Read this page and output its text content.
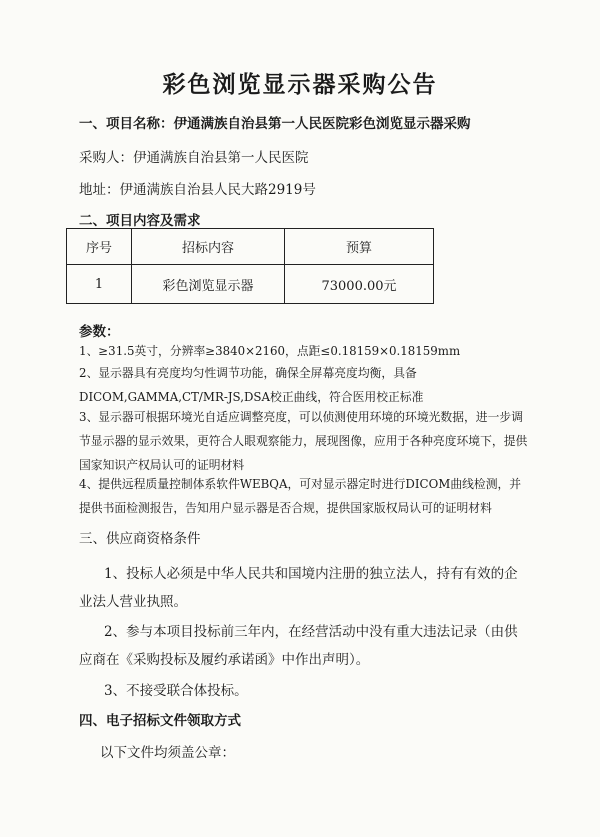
彩色浏览显示器采购公告
一、项目名称：伊通满族自治县第一人民医院彩色浏览显示器采购
采购人：伊通满族自治县第一人民医院
地址：伊通满族自治县人民大路2919号
二、项目内容及需求
序号	招标内容	预算
1	彩色浏览显示器	73000.00元
参数：
1、≥31.5英寸，分辨率≥3840×2160，点距≤0.18159×0.18159mm
2、显示器具有亮度均匀性调节功能，确保全屏幕亮度均衡，具备DICOM,GAMMA,CT/MR-JS,DSA校正曲线，符合医用校正标准
3、显示器可根据环境光自适应调整亮度，可以侦测使用环境的环境光数据，进一步调节显示器的显示效果，更符合人眼观察能力，展现图像，应用于各种亮度环境下，提供国家知识产权局认可的证明材料
4、提供远程质量控制体系软件WEBQA，可对显示器定时进行DICOM曲线检测，并提供书面检测报告，告知用户显示器是否合规，提供国家版权局认可的证明材料
三、供应商资格条件
1、投标人必须是中华人民共和国境内注册的独立法人，持有有效的企业法人营业执照。
2、参与本项目投标前三年内，在经营活动中没有重大违法记录（由供应商在《采购投标及履约承诺函》中作出声明）。
3、不接受联合体投标。
四、电子招标文件领取方式
以下文件均须盖公章：
